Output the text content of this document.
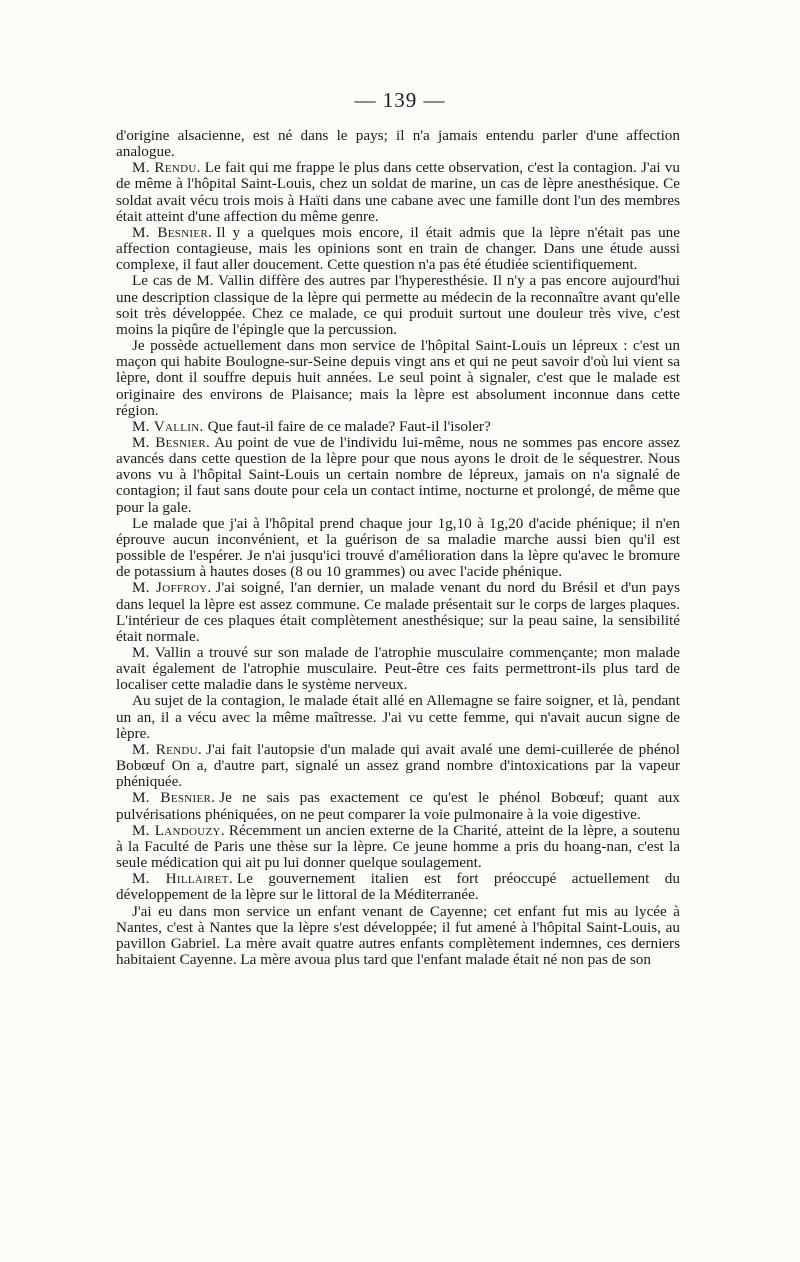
— 139 —

d'origine alsacienne, est né dans le pays; il n'a jamais entendu parler d'une affection analogue.

M. Rendu. Le fait qui me frappe le plus dans cette observation, c'est la contagion. J'ai vu de même à l'hôpital Saint-Louis, chez un soldat de marine, un cas de lèpre anesthésique. Ce soldat avait vécu trois mois à Haïti dans une cabane avec une famille dont l'un des membres était atteint d'une affection du même genre.

M. Besnier. Il y a quelques mois encore, il était admis que la lèpre n'était pas une affection contagieuse, mais les opinions sont en train de changer. Dans une étude aussi complexe, il faut aller doucement. Cette question n'a pas été étudiée scientifiquement.

Le cas de M. Vallin diffère des autres par l'hyperesthésie. Il n'y a pas encore aujourd'hui une description classique de la lèpre qui permette au médecin de la reconnaître avant qu'elle soit très développée. Chez ce malade, ce qui produit surtout une douleur très vive, c'est moins la piqûre de l'épingle que la percussion.

Je possède actuellement dans mon service de l'hôpital Saint-Louis un lépreux : c'est un maçon qui habite Boulogne-sur-Seine depuis vingt ans et qui ne peut savoir d'où lui vient sa lèpre, dont il souffre depuis huit années. Le seul point à signaler, c'est que le malade est originaire des environs de Plaisance; mais la lèpre est absolument inconnue dans cette région.

M. Vallin. Que faut-il faire de ce malade? Faut-il l'isoler?

M. Besnier. Au point de vue de l'individu lui-même, nous ne sommes pas encore assez avancés dans cette question de la lèpre pour que nous ayons le droit de le séquestrer. Nous avons vu à l'hôpital Saint-Louis un certain nombre de lépreux, jamais on n'a signalé de contagion; il faut sans doute pour cela un contact intime, nocturne et prolongé, de même que pour la gale.

Le malade que j'ai à l'hôpital prend chaque jour 1g,10 à 1g,20 d'acide phénique; il n'en éprouve aucun inconvénient, et la guérison de sa maladie marche aussi bien qu'il est possible de l'espérer. Je n'ai jusqu'ici trouvé d'amélioration dans la lèpre qu'avec le bromure de potassium à hautes doses (8 ou 10 grammes) ou avec l'acide phénique.

M. Joffroy. J'ai soigné, l'an dernier, un malade venant du nord du Brésil et d'un pays dans lequel la lèpre est assez commune. Ce malade présentait sur le corps de larges plaques. L'intérieur de ces plaques était complètement anesthésique; sur la peau saine, la sensibilité était normale.

M. Vallin a trouvé sur son malade de l'atrophie musculaire commençante; mon malade avait également de l'atrophie musculaire. Peut-être ces faits permettront-ils plus tard de localiser cette maladie dans le système nerveux.

Au sujet de la contagion, le malade était allé en Allemagne se faire soigner, et là, pendant un an, il a vécu avec la même maîtresse. J'ai vu cette femme, qui n'avait aucun signe de lèpre.

M. Rendu. J'ai fait l'autopsie d'un malade qui avait avalé une demi-cuillerée de phénol Bobœuf On a, d'autre part, signalé un assez grand nombre d'intoxications par la vapeur phéniquée.

M. Besnier. Je ne sais pas exactement ce qu'est le phénol Bobœuf; quant aux pulvérisations phéniquées, on ne peut comparer la voie pulmonaire à la voie digestive.

M. Landouzy. Récemment un ancien externe de la Charité, atteint de la lèpre, a soutenu à la Faculté de Paris une thèse sur la lèpre. Ce jeune homme a pris du hoang-nan, c'est la seule médication qui ait pu lui donner quelque soulagement.

M. Hillairet. Le gouvernement italien est fort préoccupé actuellement du développement de la lèpre sur le littoral de la Méditerranée.

J'ai eu dans mon service un enfant venant de Cayenne; cet enfant fut mis au lycée à Nantes, c'est à Nantes que la lèpre s'est développée; il fut amené à l'hôpital Saint-Louis, au pavillon Gabriel. La mère avait quatre autres enfants complètement indemnes, ces derniers habitaient Cayenne. La mère avoua plus tard que l'enfant malade était né non pas de son
